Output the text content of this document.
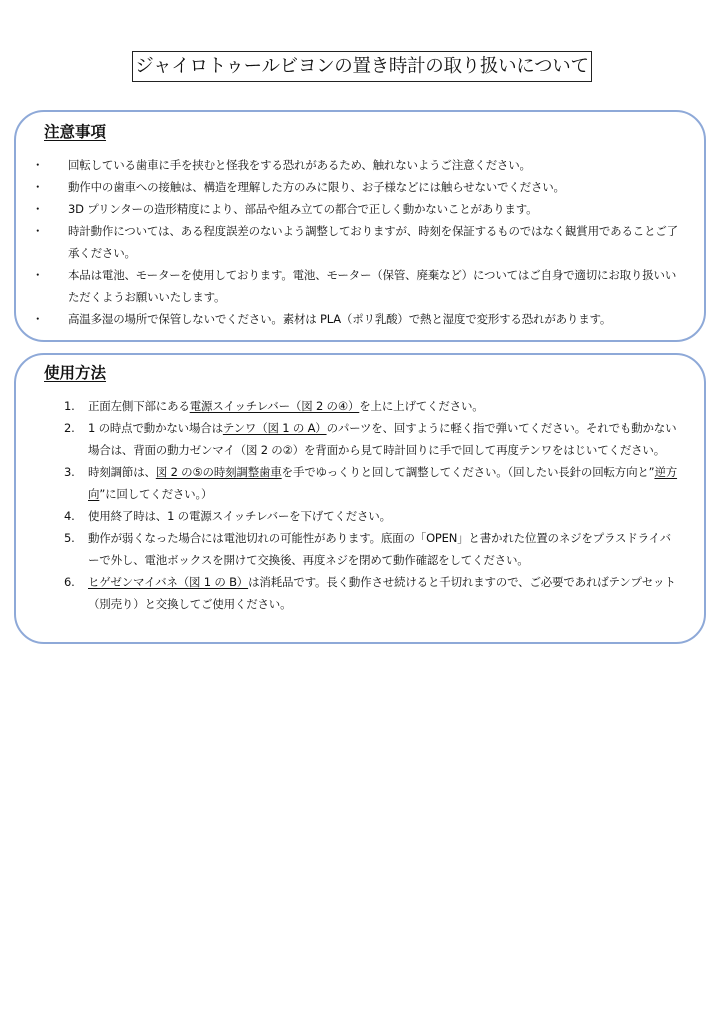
ジャイロトゥールビヨンの置き時計の取り扱いについて
注意事項
・ 回転している歯車に手を挟むと怪我をする恐れがあるため、触れないようご注意ください。
・ 動作中の歯車への接触は、構造を理解した方のみに限り、お子様などには触らせないでください。
・ 3D プリンターの造形精度により、部品や組み立ての都合で正しく動かないことがあります。
・ 時計動作については、ある程度誤差のないよう調整しておりますが、時刻を保証するものではなく観賞用であることご了承ください。
・ 本品は電池、モーターを使用しております。電池、モーター（保管、廃棄など）についてはご自身で適切にお取り扱いいただくようお願いいたします。
・ 高温多湿の場所で保管しないでください。素材は PLA（ポリ乳酸）で熱と湿度で変形する恐れがあります。
使用方法
1. 正面左側下部にある電源スイッチレバー（図 2 の④）を上に上げてください。
2. 1 の時点で動かない場合はテンワ（図 1 の A）のパーツを、回すように軽く指で弾いてください。それでも動かない場合は、背面の動力ゼンマイ（図 2 の②）を背面から見て時計回りに手で回して再度テンワをはじいてください。
3. 時刻調節は、図 2 の⑤の時刻調整歯車を手でゆっくりと回して調整してください。（回したい長針の回転方向と”逆方向”に回してください。）
4. 使用終了時は、1 の電源スイッチレバーを下げてください。
5. 動作が弱くなった場合には電池切れの可能性があります。底面の「OPEN」と書かれた位置のネジをプラスドライバーで外し、電池ボックスを開けて交換後、再度ネジを閉めて動作確認をしてください。
6. ヒゲゼンマイバネ（図 1 の B）は消耗品です。長く動作させ続けると千切れますので、ご必要であればテンプセット（別売り）と交換してご使用ください。
